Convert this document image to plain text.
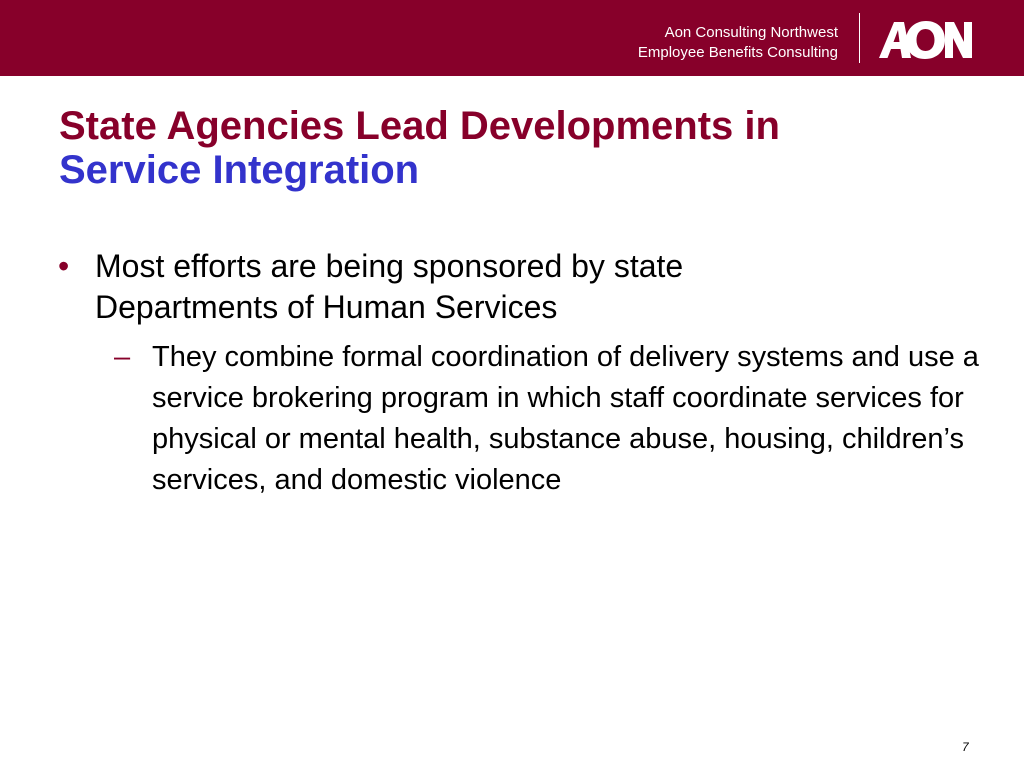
Aon Consulting Northwest
Employee Benefits Consulting
State Agencies Lead Developments in
Service Integration
• Most efforts are being sponsored by state Departments of Human Services
– They combine formal coordination of delivery systems and use a service brokering program in which staff coordinate services for physical or mental health, substance abuse, housing, children’s services, and domestic violence
7
